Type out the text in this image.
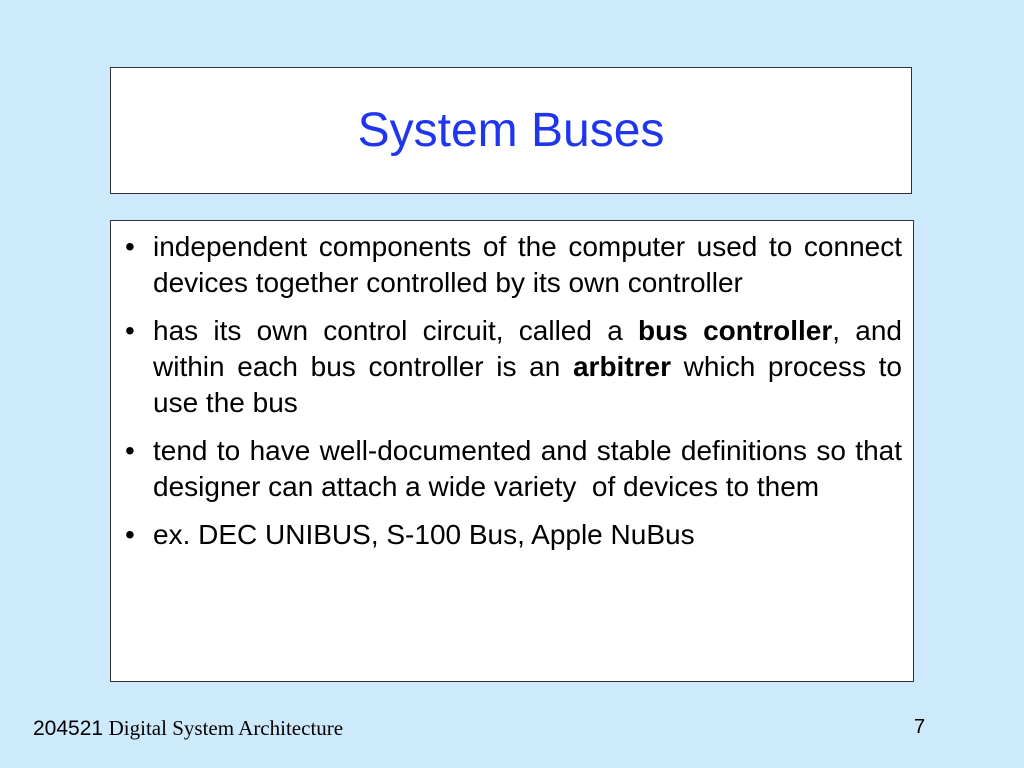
System Buses
• independent components of the computer used to connect devices together controlled by its own controller
• has its own control circuit, called a bus controller, and within each bus controller is an arbitrer which process to use the bus
• tend to have well-documented and stable definitions so that designer can attach a wide variety  of devices to them
• ex. DEC UNIBUS, S-100 Bus, Apple NuBus
204521 Digital System Architecture	7
